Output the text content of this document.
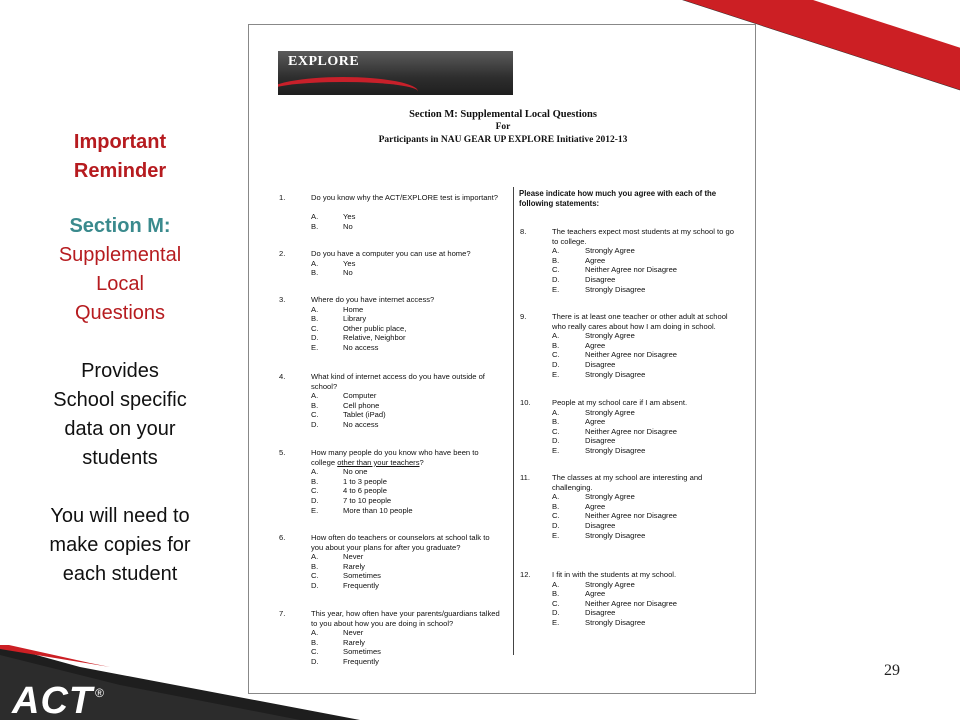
Important
Reminder
Section M:
Supplemental
Local
Questions
Provides
School specific
data on your
students
You will need to
make copies for
each student
EXPLORE
Section M: Supplemental Local Questions
For
Participants in NAU GEAR UP EXPLORE Initiative 2012-13
Please indicate how much you agree with each of the following statements:
1.	Do you know why the ACT/EXPLORE test is important?
A.	Yes
B.	No
2.	Do you have a computer you can use at home?
A.	Yes
B.	No
3.	Where do you have internet access?
A.	Home
B.	Library
C.	Other public place,
D.	Relative, Neighbor
E.	No access
4.	What kind of internet access do you have outside of school?
A.	Computer
B.	Cell phone
C.	Tablet (iPad)
D.	No access
5.	How many people do you know who have been to college other than your teachers?
A.	No one
B.	1 to 3 people
C.	4 to 6 people
D.	7 to 10 people
E.	More than 10 people
6.	How often do teachers or counselors at school talk to you about your plans for after you graduate?
A.	Never
B.	Rarely
C.	Sometimes
D.	Frequently
7.	This year, how often have your parents/guardians talked to you about how you are doing in school?
A.	Never
B.	Rarely
C.	Sometimes
D.	Frequently
8.	The teachers expect most students at my school to go to college.
A.	Strongly Agree
B.	Agree
C.	Neither Agree nor Disagree
D.	Disagree
E.	Strongly Disagree
9.	There is at least one teacher or other adult at school who really cares about how I am doing in school.
A.	Strongly Agree
B.	Agree
C.	Neither Agree nor Disagree
D.	Disagree
E.	Strongly Disagree
10.	People at my school care if I am absent.
A.	Strongly Agree
B.	Agree
C.	Neither Agree nor Disagree
D.	Disagree
E.	Strongly Disagree
11.	The classes at my school are interesting and challenging.
A.	Strongly Agree
B.	Agree
C.	Neither Agree nor Disagree
D.	Disagree
E.	Strongly Disagree
12.	I fit in with the students at my school.
A.	Strongly Agree
B.	Agree
C.	Neither Agree nor Disagree
D.	Disagree
E.	Strongly Disagree
ACT ®
29
